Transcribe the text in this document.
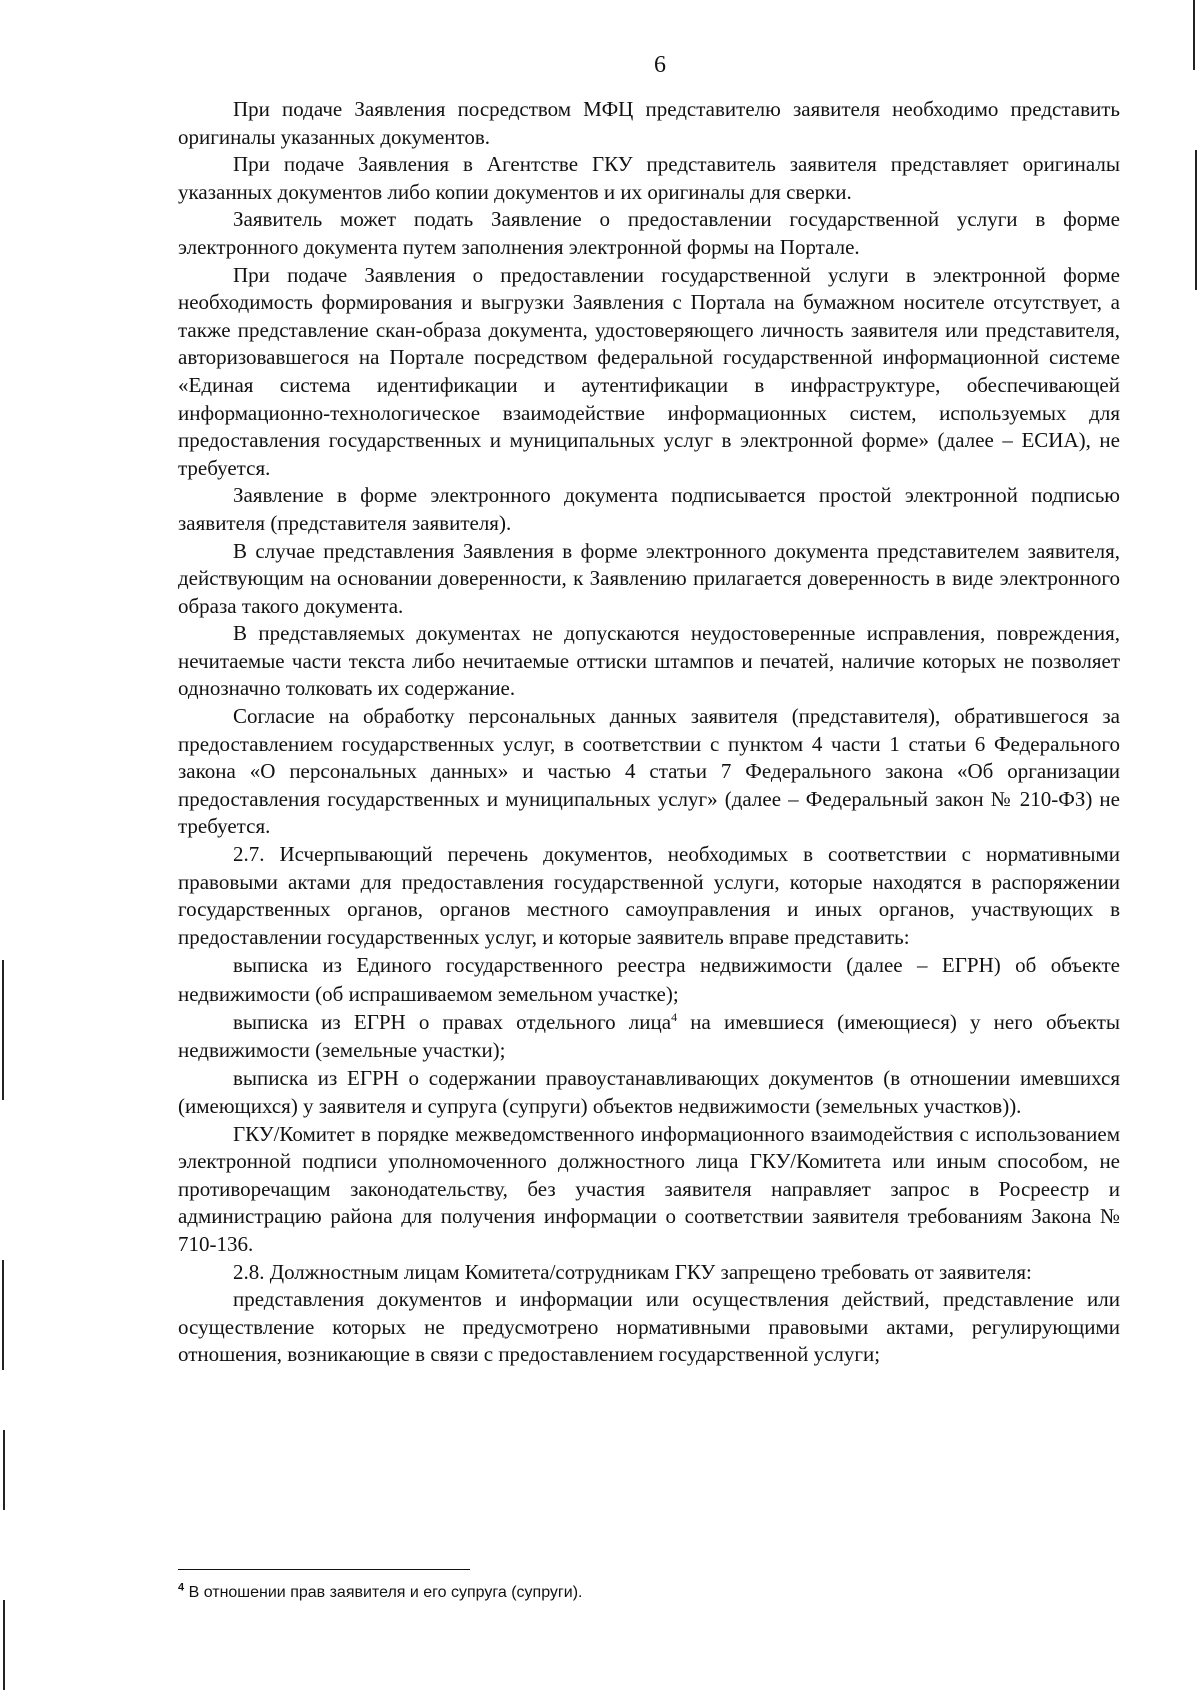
6

При подаче Заявления посредством МФЦ представителю заявителя необходимо представить оригиналы указанных документов.

При подаче Заявления в Агентстве ГКУ представитель заявителя представляет оригиналы указанных документов либо копии документов и их оригиналы для сверки.

Заявитель может подать Заявление о предоставлении государственной услуги в форме электронного документа путем заполнения электронной формы на Портале.

При подаче Заявления о предоставлении государственной услуги в электронной форме необходимость формирования и выгрузки Заявления с Портала на бумажном носителе отсутствует, а также представление скан-образа документа, удостоверяющего личность заявителя или представителя, авторизовавшегося на Портале посредством федеральной государственной информационной системе «Единая система идентификации и аутентификации в инфраструктуре, обеспечивающей информационно-технологическое взаимодействие информационных систем, используемых для предоставления государственных и муниципальных услуг в электронной форме» (далее – ЕСИА), не требуется.

Заявление в форме электронного документа подписывается простой электронной подписью заявителя (представителя заявителя).

В случае представления Заявления в форме электронного документа представителем заявителя, действующим на основании доверенности, к Заявлению прилагается доверенность в виде электронного образа такого документа.

В представляемых документах не допускаются неудостоверенные исправления, повреждения, нечитаемые части текста либо нечитаемые оттиски штампов и печатей, наличие которых не позволяет однозначно толковать их содержание.

Согласие на обработку персональных данных заявителя (представителя), обратившегося за предоставлением государственных услуг, в соответствии с пунктом 4 части 1 статьи 6 Федерального закона «О персональных данных» и частью 4 статьи 7 Федерального закона «Об организации предоставления государственных и муниципальных услуг» (далее – Федеральный закон № 210-ФЗ) не требуется.

2.7. Исчерпывающий перечень документов, необходимых в соответствии с нормативными правовыми актами для предоставления государственной услуги, которые находятся в распоряжении государственных органов, органов местного самоуправления и иных органов, участвующих в предоставлении государственных услуг, и которые заявитель вправе представить:

выписка из Единого государственного реестра недвижимости (далее – ЕГРН) об объекте недвижимости (об испрашиваемом земельном участке);

выписка из ЕГРН о правах отдельного лица$^4$ на имевшиеся (имеющиеся) у него объекты недвижимости (земельные участки);

выписка из ЕГРН о содержании правоустанавливающих документов (в отношении имевшихся (имеющихся) у заявителя и супруга (супруги) объектов недвижимости (земельных участков)).

ГКУ/Комитет в порядке межведомственного информационного взаимодействия с использованием электронной подписи уполномоченного должностного лица ГКУ/Комитета или иным способом, не противоречащим законодательству, без участия заявителя направляет запрос в Росреестр и администрацию района для получения информации о соответствии заявителя требованиям Закона № 710-136.

2.8. Должностным лицам Комитета/сотрудникам ГКУ запрещено требовать от заявителя:

представления документов и информации или осуществления действий, представление или осуществление которых не предусмотрено нормативными правовыми актами, регулирующими отношения, возникающие в связи с предоставлением государственной услуги;

$^4$ В отношении прав заявителя и его супруга (супруги).
